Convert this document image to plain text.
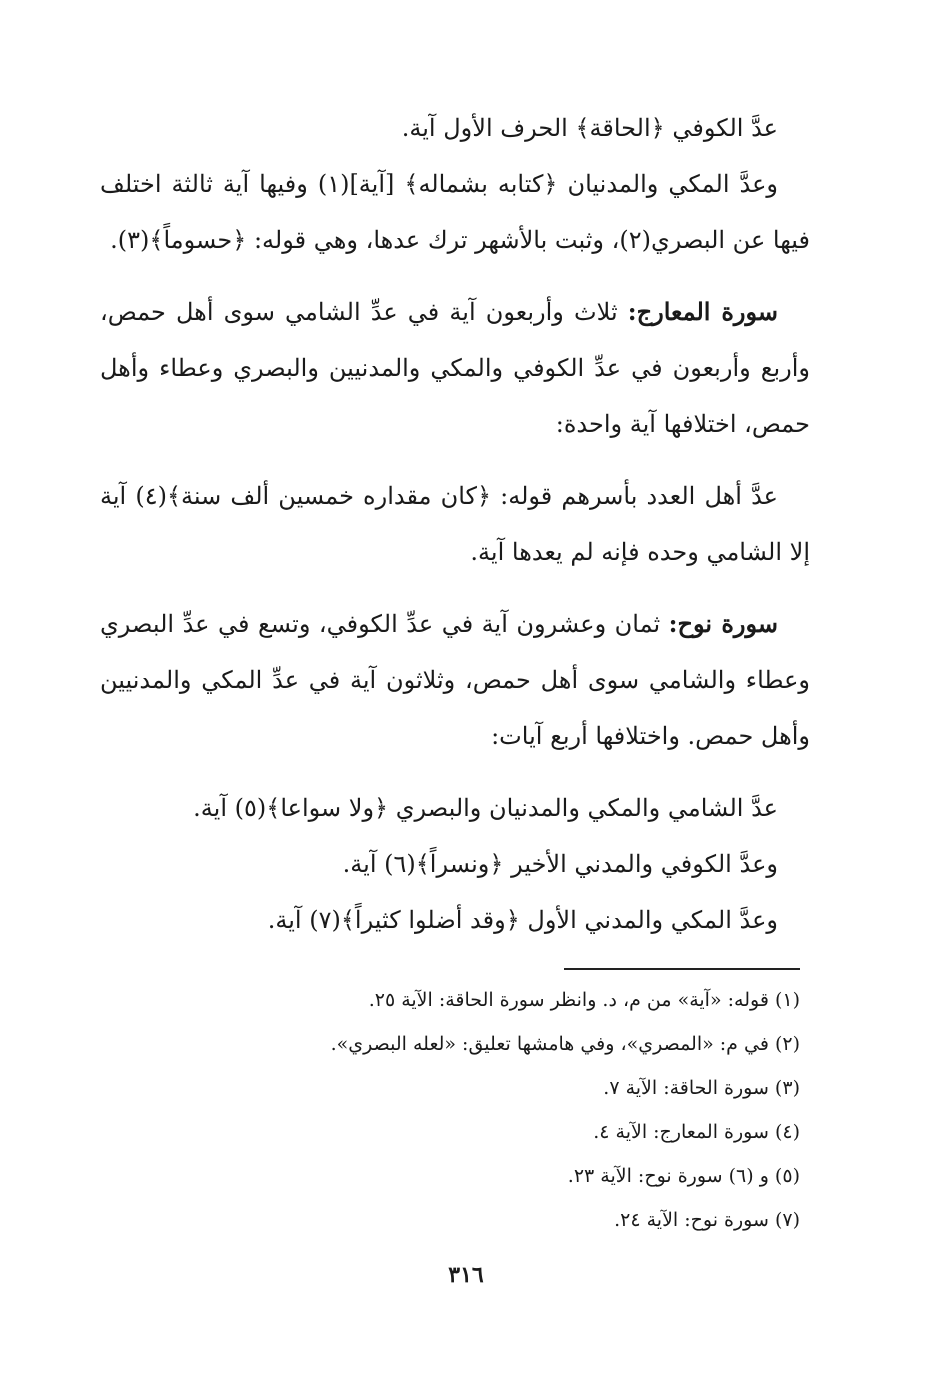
عدَّ الكوفي ﴿الحاقة﴾ الحرف الأول آية.

وعدَّ المكي والمدنيان ﴿كتابه بشماله﴾ [آية](١) وفيها آية ثالثة اختلف فيها عن البصري(٢)، وثبت بالأشهر ترك عدها، وهي قوله: ﴿حسوماً﴾(٣).

سورة المعارج: ثلاث وأربعون آية في عدِّ الشامي سوى أهل حمص، وأربع وأربعون في عدِّ الكوفي والمكي والمدنيين والبصري وعطاء وأهل حمص، اختلافها آية واحدة:

عدَّ أهل العدد بأسرهم قوله: ﴿كان مقداره خمسين ألف سنة﴾(٤) آية إلا الشامي وحده فإنه لم يعدها آية.

سورة نوح: ثمان وعشرون آية في عدِّ الكوفي، وتسع في عدِّ البصري وعطاء والشامي سوى أهل حمص، وثلاثون آية في عدِّ المكي والمدنيين وأهل حمص. واختلافها أربع آيات:

عدَّ الشامي والمكي والمدنيان والبصري ﴿ولا سواعا﴾(٥) آية.

وعدَّ الكوفي والمدني الأخير ﴿ونسراً﴾(٦) آية.

وعدَّ المكي والمدني الأول ﴿وقد أضلوا كثيراً﴾(٧) آية.

(١) قوله: «آية» من م، د. وانظر سورة الحاقة: الآية ٢٥.
(٢) في م: «المصري»، وفي هامشها تعليق: «لعله البصري».
(٣) سورة الحاقة: الآية ٧.
(٤) سورة المعارج: الآية ٤.
(٥) و (٦) سورة نوح: الآية ٢٣.
(٧) سورة نوح: الآية ٢٤.
٣١٦
